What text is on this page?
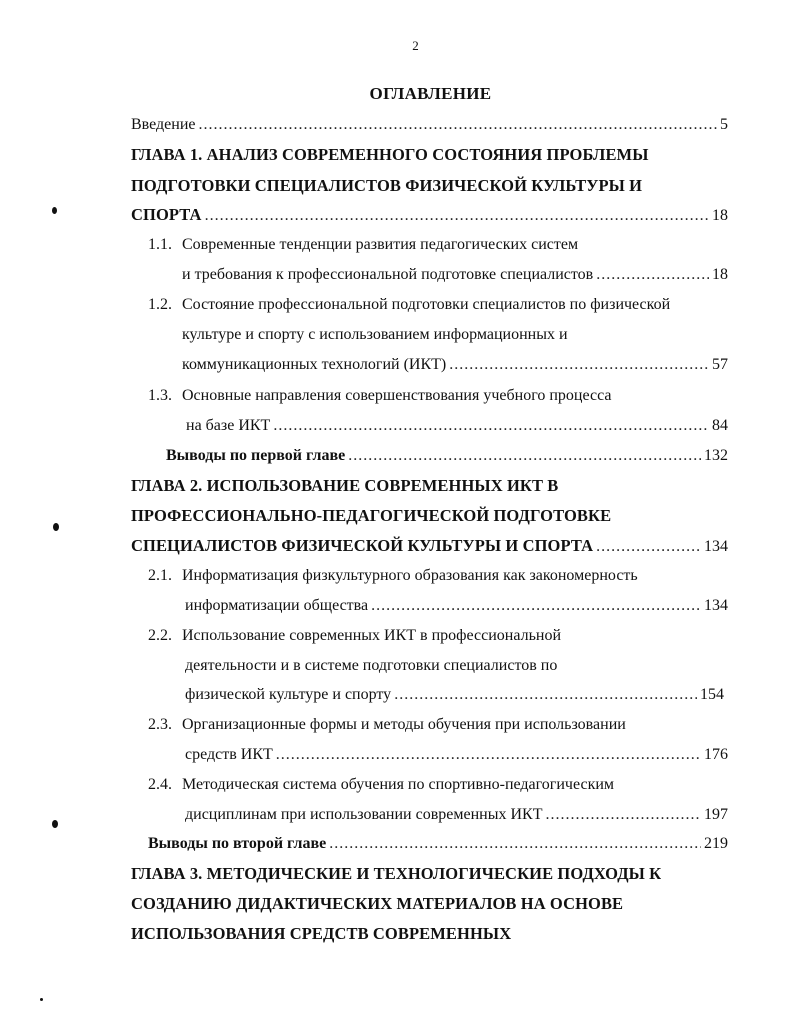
2
ОГЛАВЛЕНИЕ
Введение .....	5
ГЛАВА 1. АНАЛИЗ СОВРЕМЕННОГО СОСТОЯНИЯ ПРОБЛЕМЫ
ПОДГОТОВКИ СПЕЦИАЛИСТОВ ФИЗИЧЕСКОЙ КУЛЬТУРЫ И
СПОРТА .....	18
1.1. Современные тенденции развития педагогических систем
и требования к профессиональной подготовке специалистов .....	18
1.2. Состояние профессиональной подготовки специалистов по физической
культуре и спорту с использованием информационных и
коммуникационных технологий (ИКТ) .....	57
1.3. Основные направления совершенствования учебного процесса
на базе ИКТ .....	84
Выводы по первой главе .....	132
ГЛАВА 2. ИСПОЛЬЗОВАНИЕ СОВРЕМЕННЫХ ИКТ В
ПРОФЕССИОНАЛЬНО-ПЕДАГОГИЧЕСКОЙ ПОДГОТОВКЕ
СПЕЦИАЛИСТОВ ФИЗИЧЕСКОЙ КУЛЬТУРЫ И СПОРТА .....	134
2.1. Информатизация физкультурного образования как закономерность
информатизации общества .....	134
2.2. Использование современных ИКТ в профессиональной
деятельности и в системе подготовки специалистов по
физической культуре и спорту .....	154
2.3. Организационные формы и методы обучения при использовании
средств ИКТ .....	176
2.4. Методическая система обучения по спортивно-педагогическим
дисциплинам при использовании современных ИКТ .....	197
Выводы по второй главе .....	219
ГЛАВА 3. МЕТОДИЧЕСКИЕ И ТЕХНОЛОГИЧЕСКИЕ ПОДХОДЫ К
СОЗДАНИЮ ДИДАКТИЧЕСКИХ МАТЕРИАЛОВ НА ОСНОВЕ
ИСПОЛЬЗОВАНИЯ СРЕДСТВ СОВРЕМЕННЫХ
